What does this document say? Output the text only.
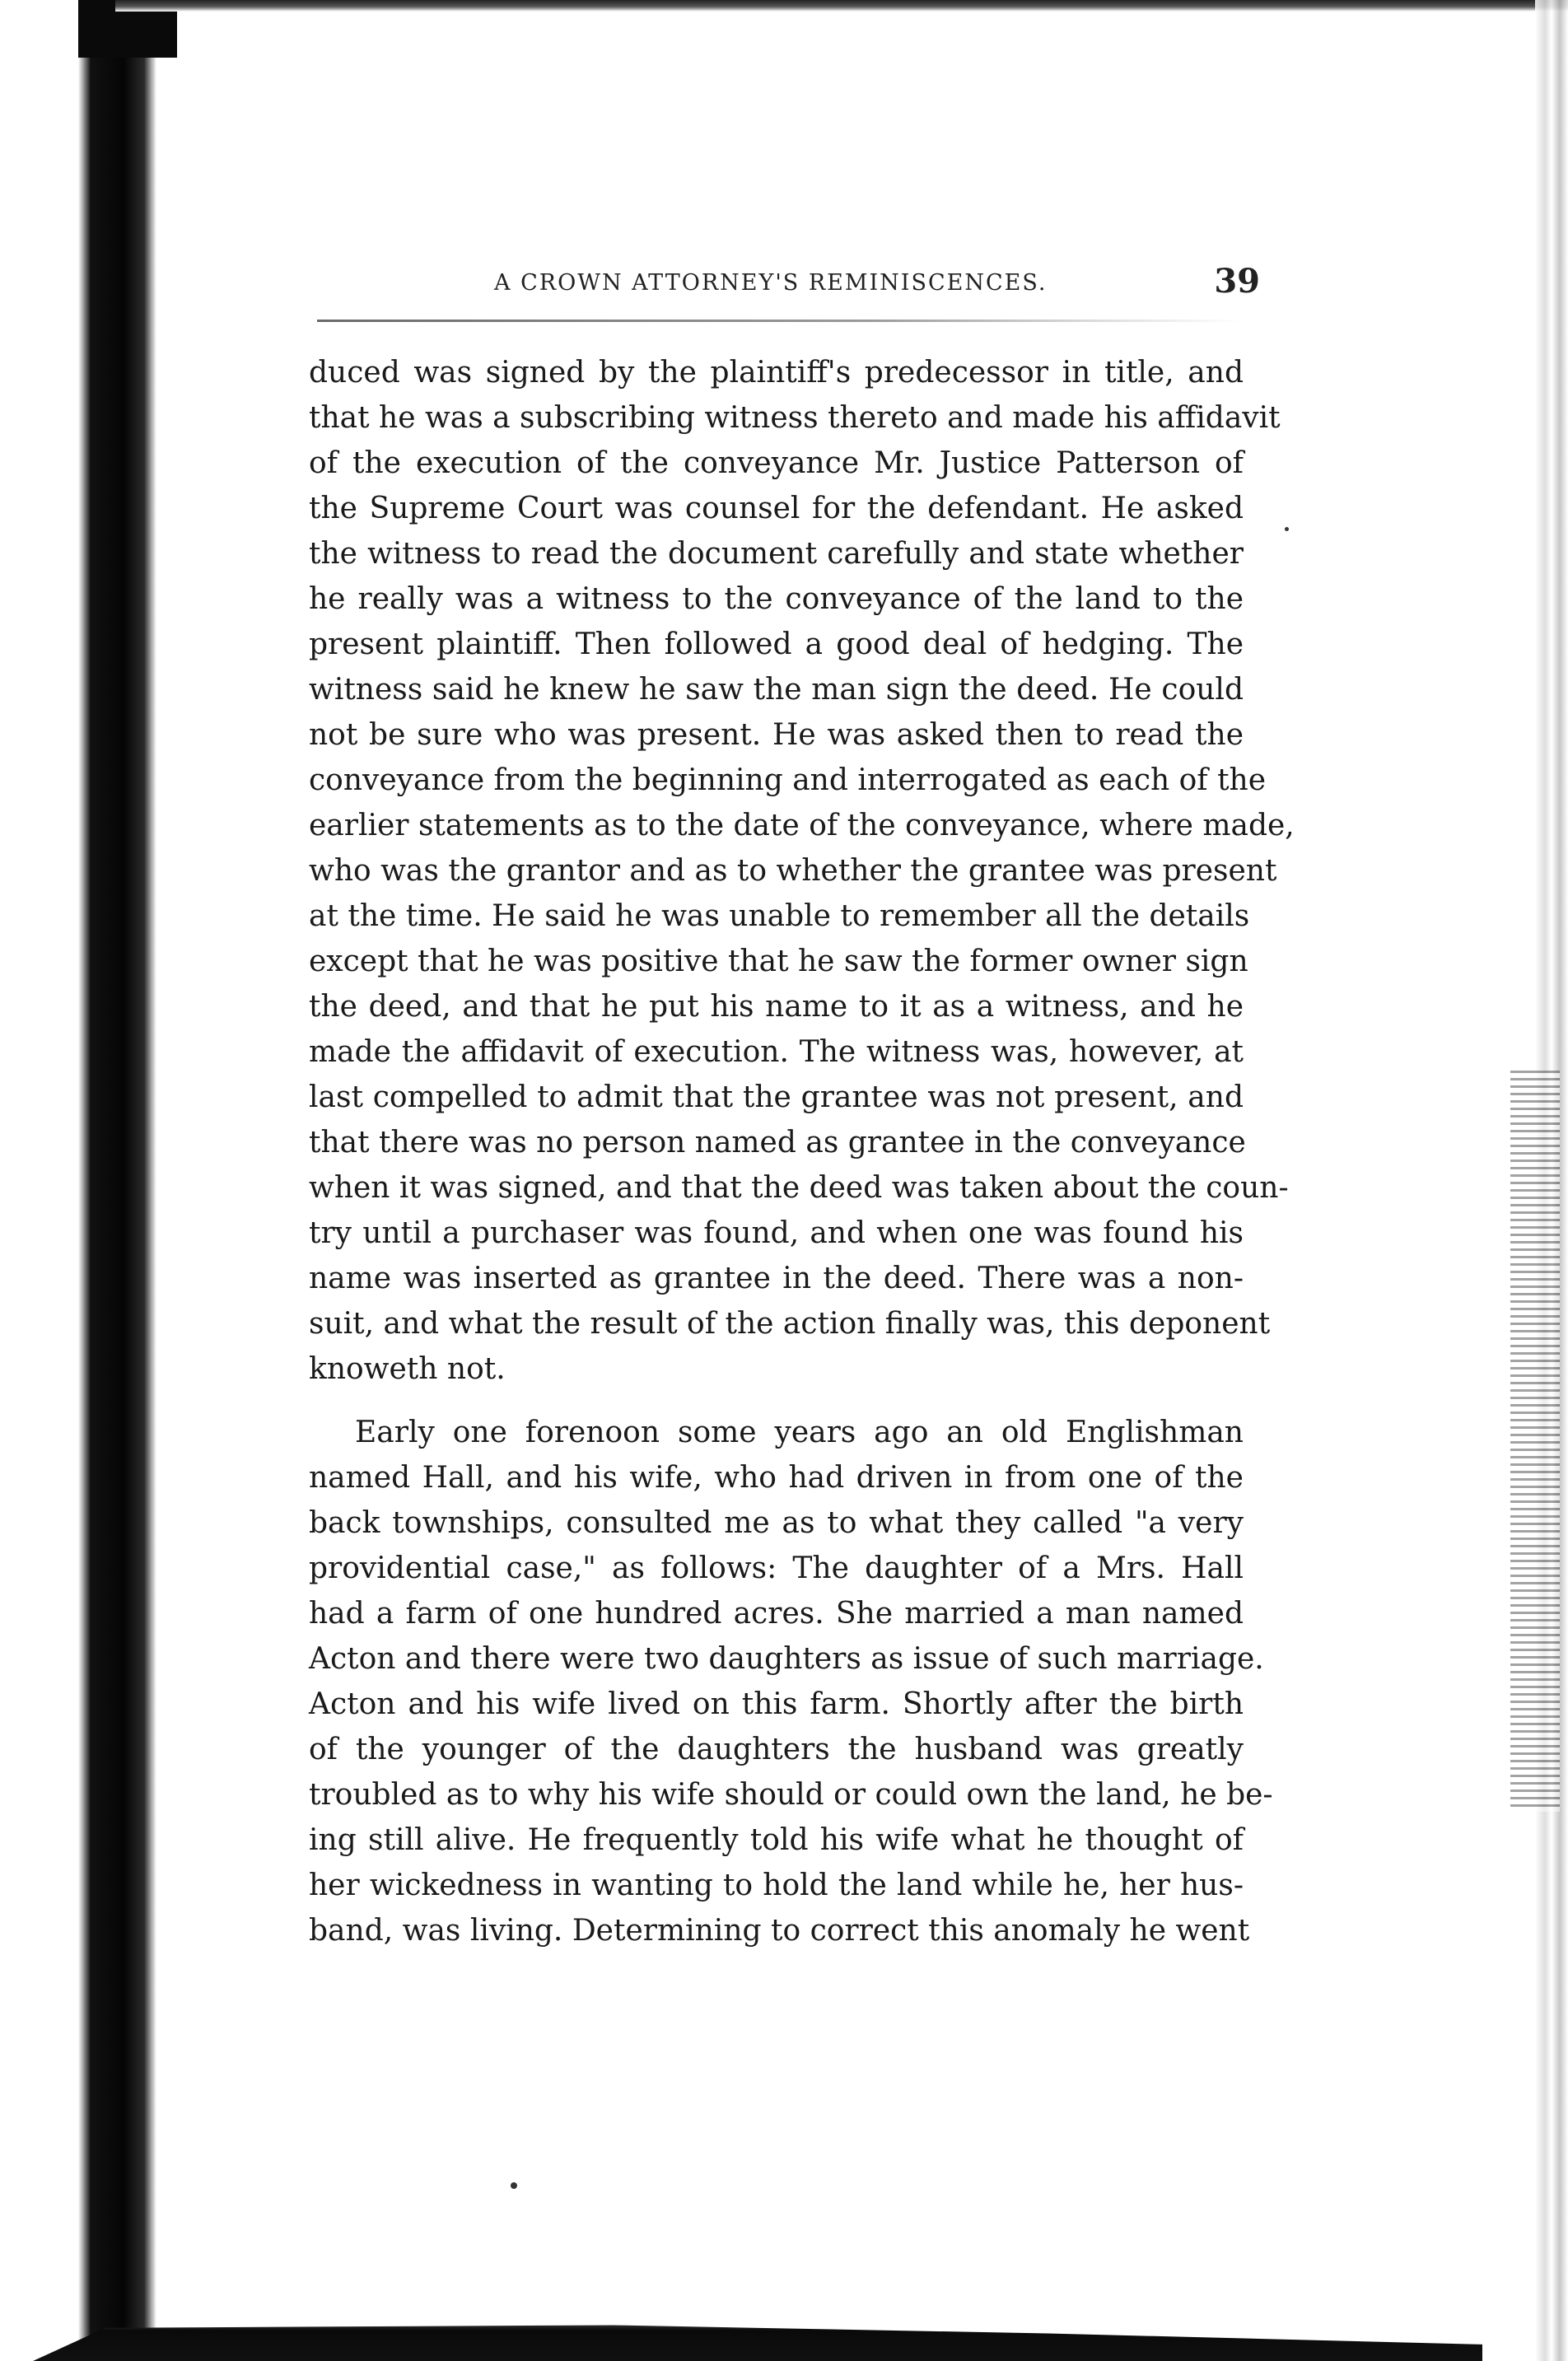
A CROWN ATTORNEY'S REMINISCENCES.	39

duced was signed by the plaintiff's predecessor in title, and
that he was a subscribing witness thereto and made his affidavit
of the execution of the conveyance Mr. Justice Patterson of
the Supreme Court was counsel for the defendant. He asked
the witness to read the document carefully and state whether
he really was a witness to the conveyance of the land to the
present plaintiff. Then followed a good deal of hedging. The
witness said he knew he saw the man sign the deed. He could
not be sure who was present. He was asked then to read the
conveyance from the beginning and interrogated as each of the
earlier statements as to the date of the conveyance, where made,
who was the grantor and as to whether the grantee was present
at the time. He said he was unable to remember all the details
except that he was positive that he saw the former owner sign
the deed, and that he put his name to it as a witness, and he
made the affidavit of execution. The witness was, however, at
last compelled to admit that the grantee was not present, and
that there was no person named as grantee in the conveyance
when it was signed, and that the deed was taken about the coun-
try until a purchaser was found, and when one was found his
name was inserted as grantee in the deed. There was a non-
suit, and what the result of the action finally was, this deponent
knoweth not.

Early one forenoon some years ago an old Englishman
named Hall, and his wife, who had driven in from one of the
back townships, consulted me as to what they called "a very
providential case," as follows: The daughter of a Mrs. Hall
had a farm of one hundred acres. She married a man named
Acton and there were two daughters as issue of such marriage.
Acton and his wife lived on this farm. Shortly after the birth
of the younger of the daughters the husband was greatly
troubled as to why his wife should or could own the land, he be-
ing still alive. He frequently told his wife what he thought of
her wickedness in wanting to hold the land while he, her hus-
band, was living. Determining to correct this anomaly he went
